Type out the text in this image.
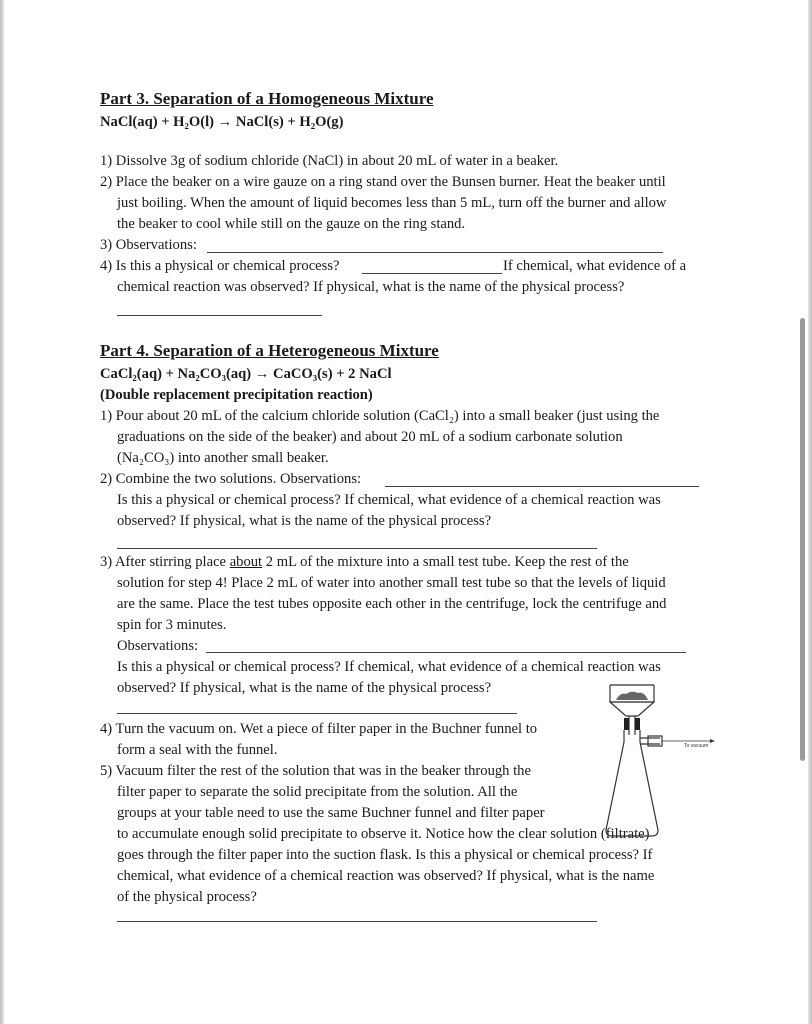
Part 3. Separation of a Homogeneous Mixture
NaCl(aq) + H₂O(l) → NaCl(s) + H₂O(g)
1) Dissolve 3g of sodium chloride (NaCl) in about 20 mL of water in a beaker.
2) Place the beaker on a wire gauze on a ring stand over the Bunsen burner. Heat the beaker until
just boiling. When the amount of liquid becomes less than 5 mL, turn off the burner and allow
the beaker to cool while still on the gauze on the ring stand.
3) Observations:
4) Is this a physical or chemical process?	If chemical, what evidence of a
chemical reaction was observed? If physical, what is the name of the physical process?
Part 4. Separation of a Heterogeneous Mixture
CaCl₂(aq) + Na₂CO₃(aq) → CaCO₃(s) + 2 NaCl
(Double replacement precipitation reaction)
1) Pour about 20 mL of the calcium chloride solution (CaCl₂) into a small beaker (just using the
graduations on the side of the beaker) and about 20 mL of a sodium carbonate solution
(Na₂CO₃) into another small beaker.
2) Combine the two solutions. Observations:
Is this a physical or chemical process? If chemical, what evidence of a chemical reaction was
observed? If physical, what is the name of the physical process?
3) After stirring place about 2 mL of the mixture into a small test tube. Keep the rest of the
solution for step 4! Place 2 mL of water into another small test tube so that the levels of liquid
are the same. Place the test tubes opposite each other in the centrifuge, lock the centrifuge and
spin for 3 minutes.
Observations:
Is this a physical or chemical process? If chemical, what evidence of a chemical reaction was
observed? If physical, what is the name of the physical process?
4) Turn the vacuum on. Wet a piece of filter paper in the Buchner funnel to
form a seal with the funnel.
5) Vacuum filter the rest of the solution that was in the beaker through the
filter paper to separate the solid precipitate from the solution. All the
groups at your table need to use the same Buchner funnel and filter paper
to accumulate enough solid precipitate to observe it. Notice how the clear solution (filtrate)
goes through the filter paper into the suction flask. Is this a physical or chemical process? If
chemical, what evidence of a chemical reaction was observed? If physical, what is the name
of the physical process?
To vacuum
